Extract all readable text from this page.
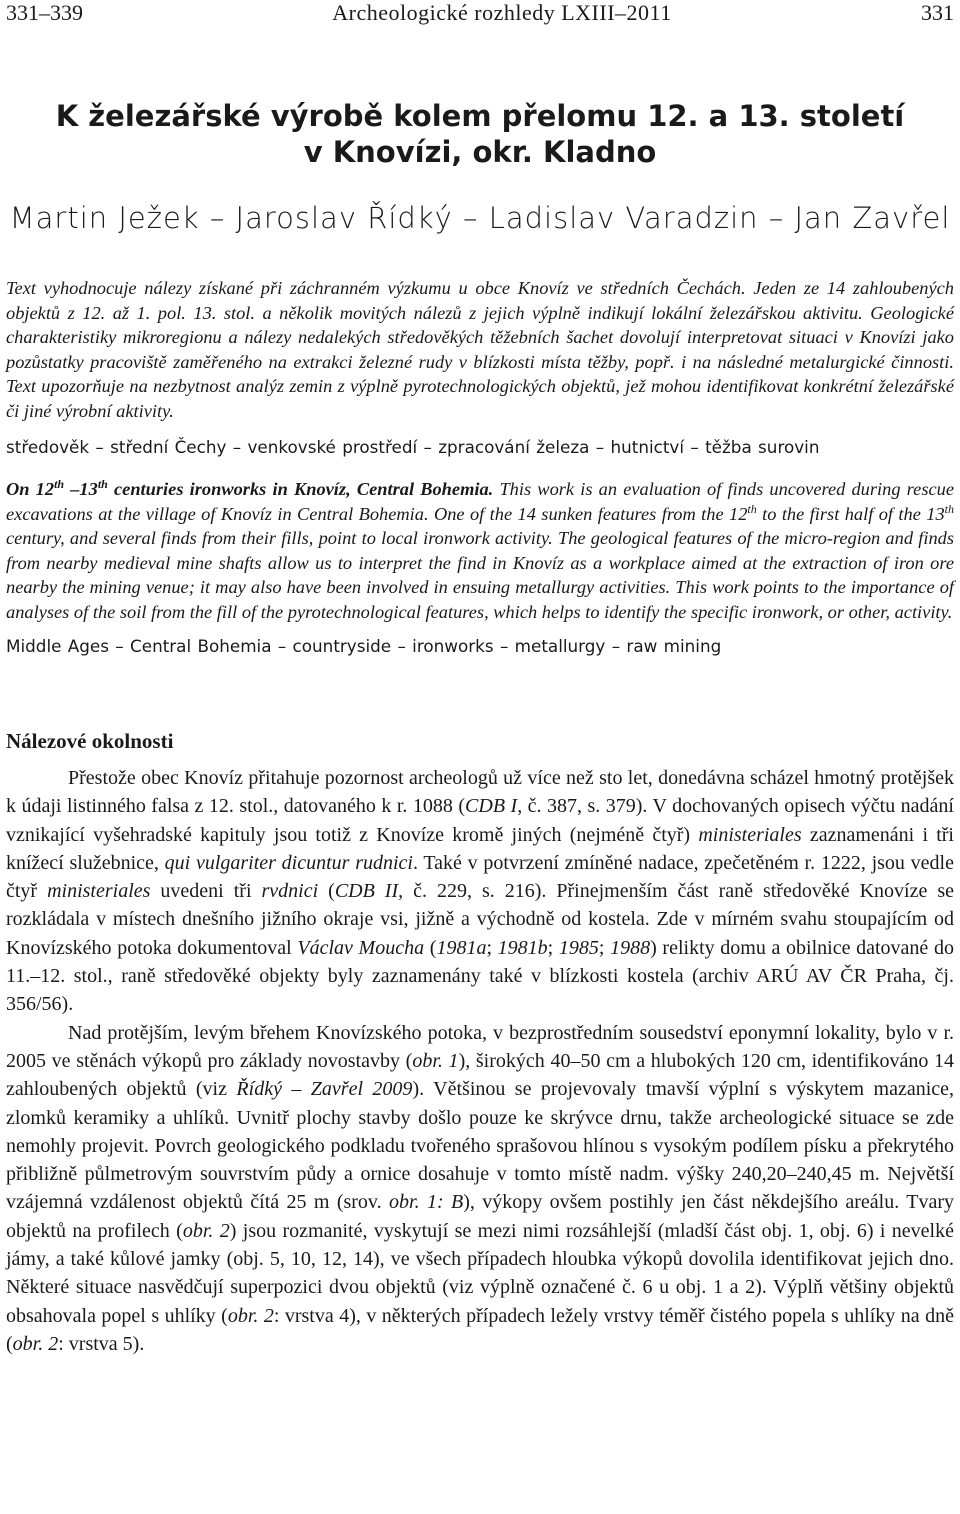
331–339	Archeologické rozhledy LXIII–2011	331
K železářské výrobě kolem přelomu 12. a 13. století
v Knovízi, okr. Kladno
Martin Ježek – Jaroslav Řídký – Ladislav Varadzin – Jan Zavřel
Text vyhodnocuje nálezy získané při záchranném výzkumu u obce Knovíz ve středních Čechách. Jeden ze 14 zahloubených objektů z 12. až 1. pol. 13. stol. a několik movitých nálezů z jejich výplně indikují lokální železářskou aktivitu. Geologické charakteristiky mikroregionu a nálezy nedalekých středověkých těžebních šachet dovolují interpretovat situaci v Knovízi jako pozůstatky pracoviště zaměřeného na extrakci železné rudy v blízkosti místa těžby, popř. i na následné metalurgické činnosti. Text upozorňuje na nezbytnost analýz zemin z výplně pyrotechnologických objektů, jež mohou identifikovat konkrétní železářské či jiné výrobní aktivity.
středověk – střední Čechy – venkovské prostředí – zpracování železa – hutnictví – těžba surovin
On 12th –13th centuries ironworks in Knovíz, Central Bohemia. This work is an evaluation of finds uncovered during rescue excavations at the village of Knovíz in Central Bohemia. One of the 14 sunken features from the 12th to the first half of the 13th century, and several finds from their fills, point to local ironwork activity. The geological features of the micro-region and finds from nearby medieval mine shafts allow us to interpret the find in Knovíz as a workplace aimed at the extraction of iron ore nearby the mining venue; it may also have been involved in ensuing metallurgy activities. This work points to the importance of analyses of the soil from the fill of the pyrotechnological features, which helps to identify the specific ironwork, or other, activity.
Middle Ages – Central Bohemia – countryside – ironworks – metallurgy – raw mining
Nálezové okolnosti

Přestože obec Knovíz přitahuje pozornost archeologů už více než sto let, donedávna scházel hmotný protějšek k údaji listinného falsa z 12. stol., datovaného k r. 1088 (CDB I, č. 387, s. 379). V dochovaných opisech výčtu nadání vznikající vyšehradské kapituly jsou totiž z Knovíze kromě jiných (nejméně čtyř) ministeriales zaznamenáni i tři knížecí služebnice, qui vulgariter dicuntur rudnici. Také v potvrzení zmíněné nadace, zpečetěném r. 1222, jsou vedle čtyř ministeriales uvedeni tři rvdnici (CDB II, č. 229, s. 216). Přinejmenším část raně středověké Knovíze se rozkládala v místech dnešního jižního okraje vsi, jižně a východně od kostela. Zde v mírném svahu stoupajícím od Knovízského potoka dokumentoval Václav Moucha (1981a; 1981b; 1985; 1988) relikty domu a obilnice datované do 11.–12. stol., raně středověké objekty byly zaznamenány také v blízkosti kostela (archiv ARÚ AV ČR Praha, čj. 356/56).

Nad protějším, levým břehem Knovízského potoka, v bezprostředním sousedství eponymní lokality, bylo v r. 2005 ve stěnách výkopů pro základy novostavby (obr. 1), širokých 40–50 cm a hlubokých 120 cm, identifikováno 14 zahloubených objektů (viz Řídký – Zavřel 2009). Většinou se projevovaly tmavší výplní s výskytem mazanice, zlomků keramiky a uhlíků. Uvnitř plochy stavby došlo pouze ke skrývce drnu, takže archeologické situace se zde nemohly projevit. Povrch geologického podkladu tvořeného sprašovou hlínou s vysokým podílem písku a překrytého přibližně půlmetrovým souvrstvím půdy a ornice dosahuje v tomto místě nadm. výšky 240,20–240,45 m. Největší vzájemná vzdálenost objektů čítá 25 m (srov. obr. 1: B), výkopy ovšem postihly jen část někdejšího areálu. Tvary objektů na profilech (obr. 2) jsou rozmanité, vyskytují se mezi nimi rozsáhlejší (mladší část obj. 1, obj. 6) i nevelké jámy, a také kůlové jamky (obj. 5, 10, 12, 14), ve všech případech hloubka výkopů dovolila identifikovat jejich dno. Některé situace nasvědčují superpozici dvou objektů (viz výplně označené č. 6 u obj. 1 a 2). Výplň většiny objektů obsahovala popel s uhlíky (obr. 2: vrstva 4), v některých případech ležely vrstvy téměř čistého popela s uhlíky na dně (obr. 2: vrstva 5).
